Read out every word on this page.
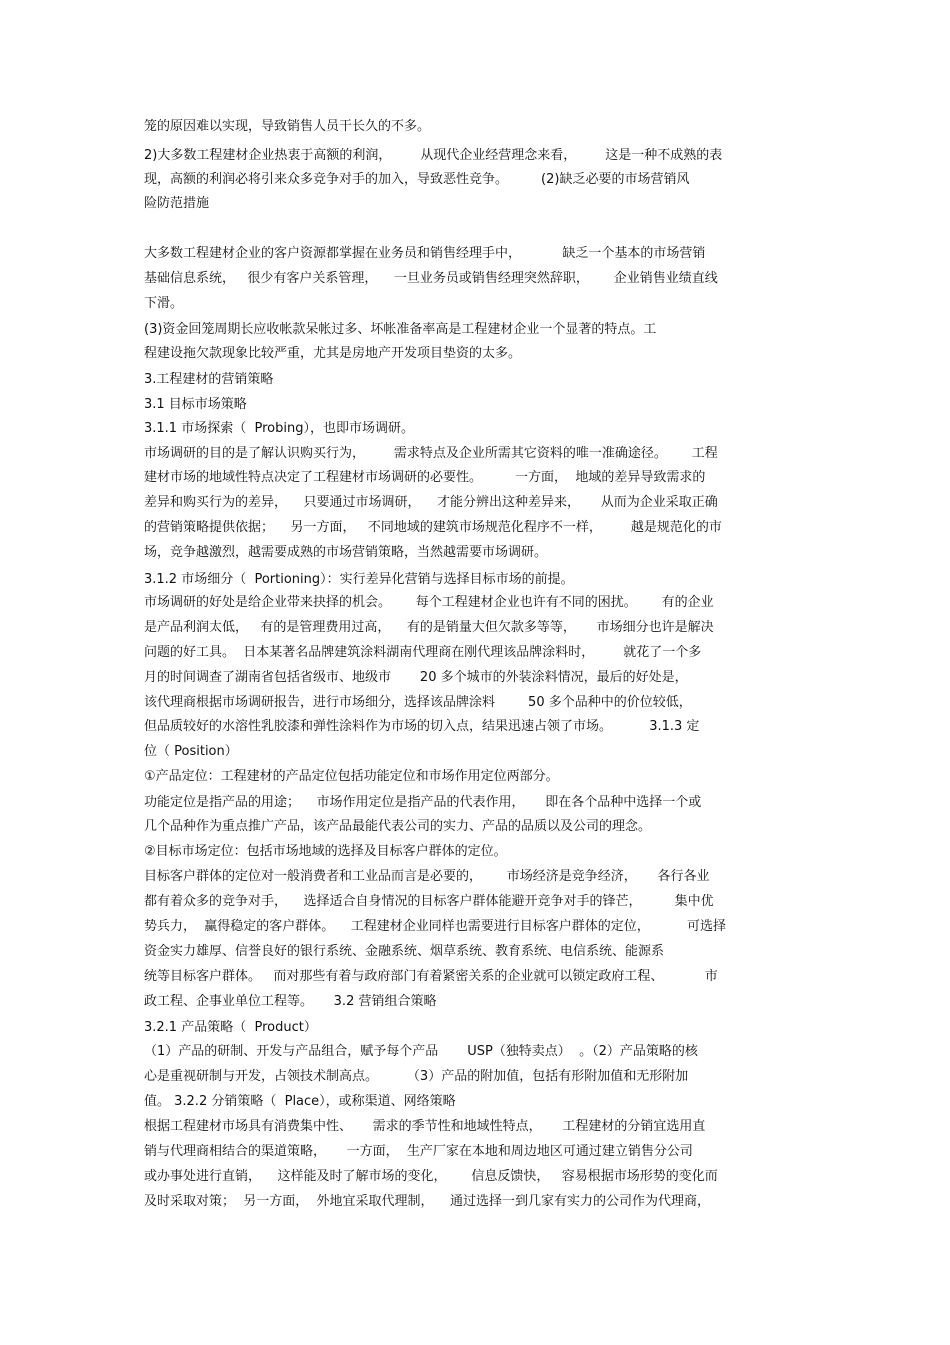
笼的原因难以实现，导致销售人员干长久的不多。
2)大多数工程建材企业热衷于高额的利润，       从现代企业经营理念来看，       这是一种不成熟的表
现，高额的利润必将引来众多竞争对手的加入，导致恶性竞争。        (2)缺乏必要的市场营销风
险防范措施
大多数工程建材企业的客户资源都掌握在业务员和销售经理手中，          缺乏一个基本的市场营销
基础信息系统，   很少有客户关系管理，    一旦业务员或销售经理突然辞职，      企业销售业绩直线
下滑。
(3)资金回笼周期长应收帐款呆帐过多、坏帐准备率高是工程建材企业一个显著的特点。工
程建设拖欠款现象比较严重，尤其是房地产开发项目垫资的太多。
3.工程建材的营销策略
3.1 目标市场策略
3.1.1 市场探索（  Probing），也即市场调研。
市场调研的目的是了解认识购买行为，       需求特点及企业所需其它资料的唯一准确途径。      工程
建材市场的地域性特点决定了工程建材市场调研的必要性。        一方面，  地域的差异导致需求的
差异和购买行为的差异，    只要通过市场调研，    才能分辨出这种差异来，     从而为企业采取正确
的营销策略提供依据；    另一方面，   不同地域的建筑市场规范化程序不一样，       越是规范化的市
场，竞争越激烈，越需要成熟的市场营销策略，当然越需要市场调研。
3.1.2 市场细分（  Portioning）：实行差异化营销与选择目标市场的前提。
市场调研的好处是给企业带来抉择的机会。      每个工程建材企业也许有不同的困扰。      有的企业
是产品利润太低，   有的是管理费用过高，    有的是销量大但欠款多等等，     市场细分也许是解决
问题的好工具。  日本某著名品牌建筑涂料湖南代理商在刚代理该品牌涂料时，       就花了一个多
月的时间调查了湖南省包括省级市、地级市       20 多个城市的外装涂料情况，最后的好处是，
该代理商根据市场调研报告，进行市场细分，选择该品牌涂料        50 多个品种中的价位较低，
但品质较好的水溶性乳胶漆和弹性涂料作为市场的切入点，结果迅速占领了市场。         3.1.3 定
位（ Position）
①产品定位：工程建材的产品定位包括功能定位和市场作用定位两部分。
功能定位是指产品的用途；    市场作用定位是指产品的代表作用，     即在各个品种中选择一个或
几个品种作为重点推广产品，该产品最能代表公司的实力、产品的品质以及公司的理念。
②目标市场定位：包括市场地域的选择及目标客户群体的定位。
目标客户群体的定位对一般消费者和工业品而言是必要的，      市场经济是竞争经济，     各行各业
都有着众多的竞争对手，    选择适合自身情况的目标客户群体能避开竞争对手的锋芒，        集中优
势兵力，  赢得稳定的客户群体。    工程建材企业同样也需要进行目标客户群体的定位，         可选择
资金实力雄厚、信誉良好的银行系统、金融系统、烟草系统、教育系统、电信系统、能源系
统等目标客户群体。   而对那些有着与政府部门有着紧密关系的企业就可以锁定政府工程、          市
政工程、企事业单位工程等。     3.2 营销组合策略
3.2.1 产品策略（  Product）
（1）产品的研制、开发与产品组合，赋予每个产品       USP（独特卖点）  。（2）产品策略的核
心是重视研制与开发，占领技术制高点。       （3）产品的附加值，包括有形附加值和无形附加
值。 3.2.2 分销策略（  Place），或称渠道、网络策略
根据工程建材市场具有消费集中性、     需求的季节性和地域性特点，     工程建材的分销宜选用直
销与代理商相结合的渠道策略，     一方面，  生产厂家在本地和周边地区可通过建立销售分公司
或办事处进行直销，    这样能及时了解市场的变化，      信息反馈快，   容易根据市场形势的变化而
及时采取对策；  另一方面，  外地宜采取代理制，    通过选择一到几家有实力的公司作为代理商，
